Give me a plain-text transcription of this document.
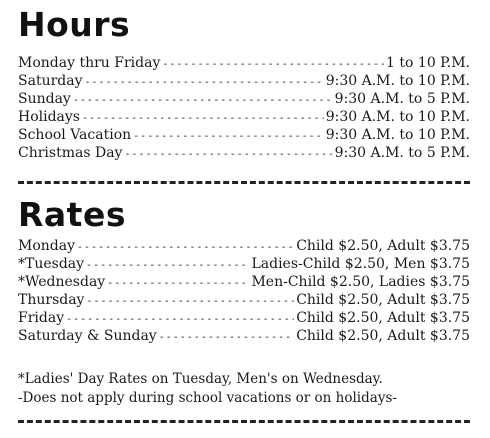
Hours
Monday thru Friday -----	1 to 10 P.M.
Saturday -----	9:30 A.M. to 10 P.M.
Sunday -----	9:30 A.M. to 5 P.M.
Holidays -----	9:30 A.M. to 10 P.M.
School Vacation -----	9:30 A.M. to 10 P.M.
Christmas Day -----	9:30 A.M. to 5 P.M.
Rates
Monday -----	Child $2.50, Adult $3.75
*Tuesday -----	Ladies-Child $2.50, Men $3.75
*Wednesday -----	Men-Child $2.50, Ladies $3.75
Thursday -----	Child $2.50, Adult $3.75
Friday -----	Child $2.50, Adult $3.75
Saturday & Sunday -----	Child $2.50, Adult $3.75
*Ladies' Day Rates on Tuesday, Men's on Wednesday.
-Does not apply during school vacations or on holidays-
